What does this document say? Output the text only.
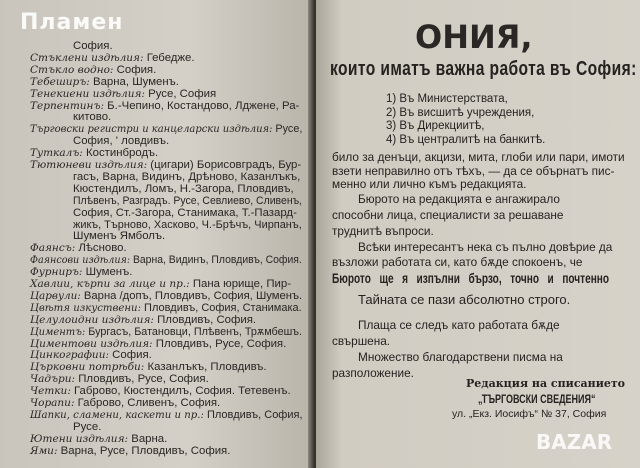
София.
Стъклени издѣлия: Гебедже.
Стъкло водно: София.
Тебеширъ: Варна, Шуменъ.
Тенекиени издѣлия: Русе, София
Терпентинъ: Б.-Чепино, Костандово, Лджене, Ра-
китово.
Търговски регистри и канцеларски издѣлия: Русе,
София, ' ловдивъ.
Туткалъ: Костинбродъ.
Тютюневи издѣлия: (цигари) Борисовградъ, Бур-
гасъ, Варна, Видинъ, Дрѣново, Казанлъкъ,
Кюстендилъ, Ломъ, Н.-Загора, Пловдивъ,
Плѣвенъ, Разградъ. Русе, Севлиево, Сливенъ,
София, Ст.-Загора, Станимака, Т.-Пазард-
жикъ, Търново, Хасково, Ч.-Брѣчъ, Чирпанъ,
Шуменъ Ямболъ.
Фаянсъ: Лѣсново.
Фаянсови издѣлия: Варна, Видинъ, Пловдивъ, София.
Фурниръ: Шуменъ.
Хавлии, кърпи за лице и пр.: Пана юрище, Пир-
Царвули: Варна /допъ, Пловдивъ, София, Шуменъ.
Цвѣтя изкуствени: Пловдивъ, София, Станимака.
Целулоидни издѣлия: Пловдивъ, София.
Циментъ: Бургасъ, Батановци, Плѣвенъ, Трѫмбешъ.
Циментови издѣлия: Пловдивъ, Русе, София.
Цинкографии: София.
Църковни потрѣби: Казанлъкъ, Пловдивъ.
Чадъри: Пловдивъ, Русе, София.
Четки: Габрово, Кюстендилъ, София. Тетевенъ.
Чорапи: Габрово, Сливенъ, София.
Шапки, сламени, каскети и пр.: Пловдивъ, София,
Русе.
Ютени издѣлия: Варна.
Ями: Варна, Русе, Пловдивъ, София.
Пламен	ОНИЯ,
които иматъ важна работа въ София:
1) Въ Министерствата,
2) Въ висшитѣ учреждения,
3) Въ Дирекциитѣ,
4) Въ централитѣ на банкитѣ.
било за денъци, акцизи, мита, глоби или пари, имоти
взети неправилно отъ тѣхъ, — да се обърнатъ пис-
менно или лично къмъ редакцията.
Бюрото на редакцията е ангажирало
способни лица, специалисти за решаване
труднитѣ въпроси.
Всѣки интересантъ нека съ пълно довѣрие да
възложи работата си, като бѫде спокоенъ, че
Плаща се следъ като работата бѫде
свършена.
Множество благодарствени писма на
разположение.
Бюрото ще я изпълни бързо, точно и почтенно
Тайната се пази абсолютно строго.
Редакция на списанието
„ТЪРГОВСКИ СВЕДЕНИЯ“
ул. „Екз. Иосифъ“ № 37, София
BAZAR
